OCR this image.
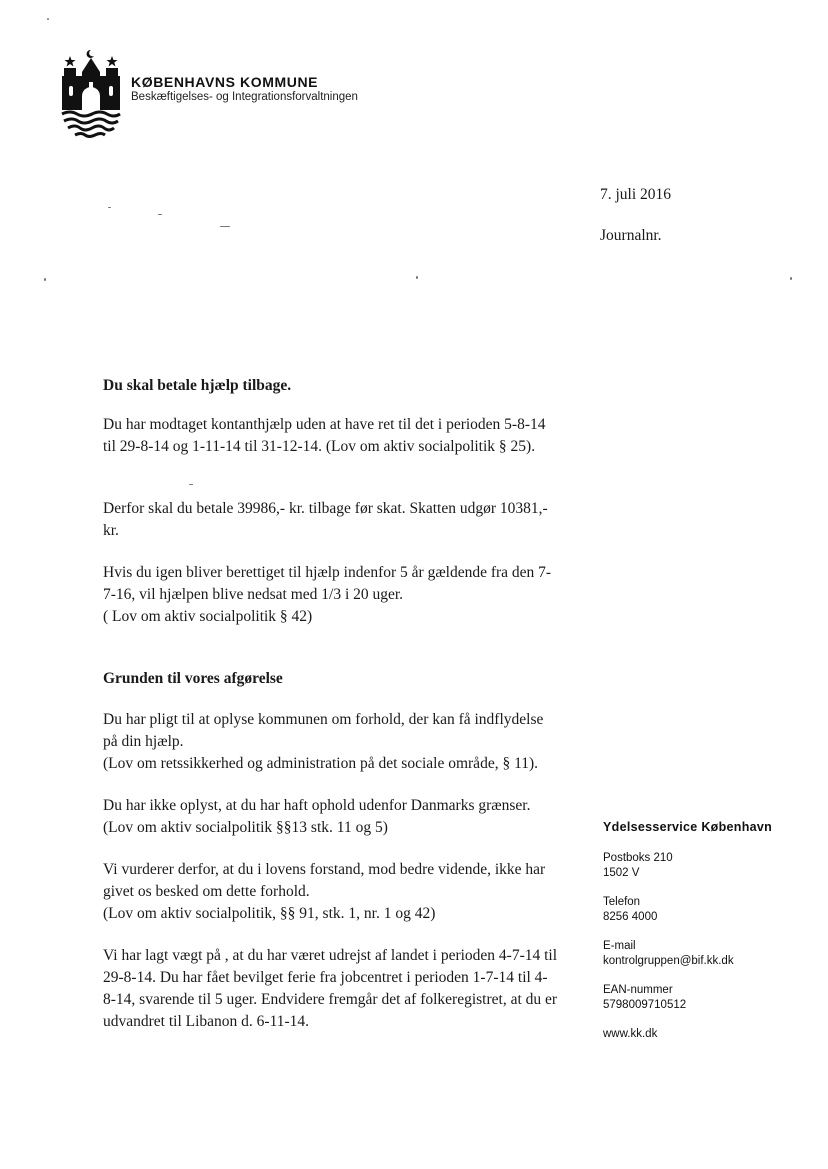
KØBENHAVNS KOMMUNE
Beskæftigelses- og Integrationsforvaltningen
7. juli 2016
Journalnr.

Du skal betale hjælp tilbage.

Du har modtaget kontanthjælp uden at have ret til det i perioden 5-8-14
til 29-8-14 og 1-11-14 til 31-12-14. (Lov om aktiv socialpolitik § 25).
Derfor skal du betale 39986,- kr. tilbage før skat. Skatten udgør 10381,-
kr.
Hvis du igen bliver berettiget til hjælp indenfor 5 år gældende fra den 7-
7-16, vil hjælpen blive nedsat med 1/3 i 20 uger.
( Lov om aktiv socialpolitik § 42)

Grunden til vores afgørelse

Du har pligt til at oplyse kommunen om forhold, der kan få indflydelse
på din hjælp.
(Lov om retssikkerhed og administration på det sociale område, § 11).
Du har ikke oplyst, at du har haft ophold udenfor Danmarks grænser.
(Lov om aktiv socialpolitik §§13 stk. 11 og 5)
Vi vurderer derfor, at du i lovens forstand, mod bedre vidende, ikke har
givet os besked om dette forhold.
(Lov om aktiv socialpolitik, §§ 91, stk. 1, nr. 1 og 42)
Vi har lagt vægt på , at du har været udrejst af landet i perioden 4-7-14 til
29-8-14. Du har fået bevilget ferie fra jobcentret i perioden 1-7-14 til 4-
8-14, svarende til 5 uger. Endvidere fremgår det af folkeregistret, at du er
udvandret til Libanon d. 6-11-14.
Ydelsesservice København
Postboks 210
1502 V
Telefon
8256 4000
E-mail
kontrolgruppen@bif.kk.dk
EAN-nummer
5798009710512
www.kk.dk
